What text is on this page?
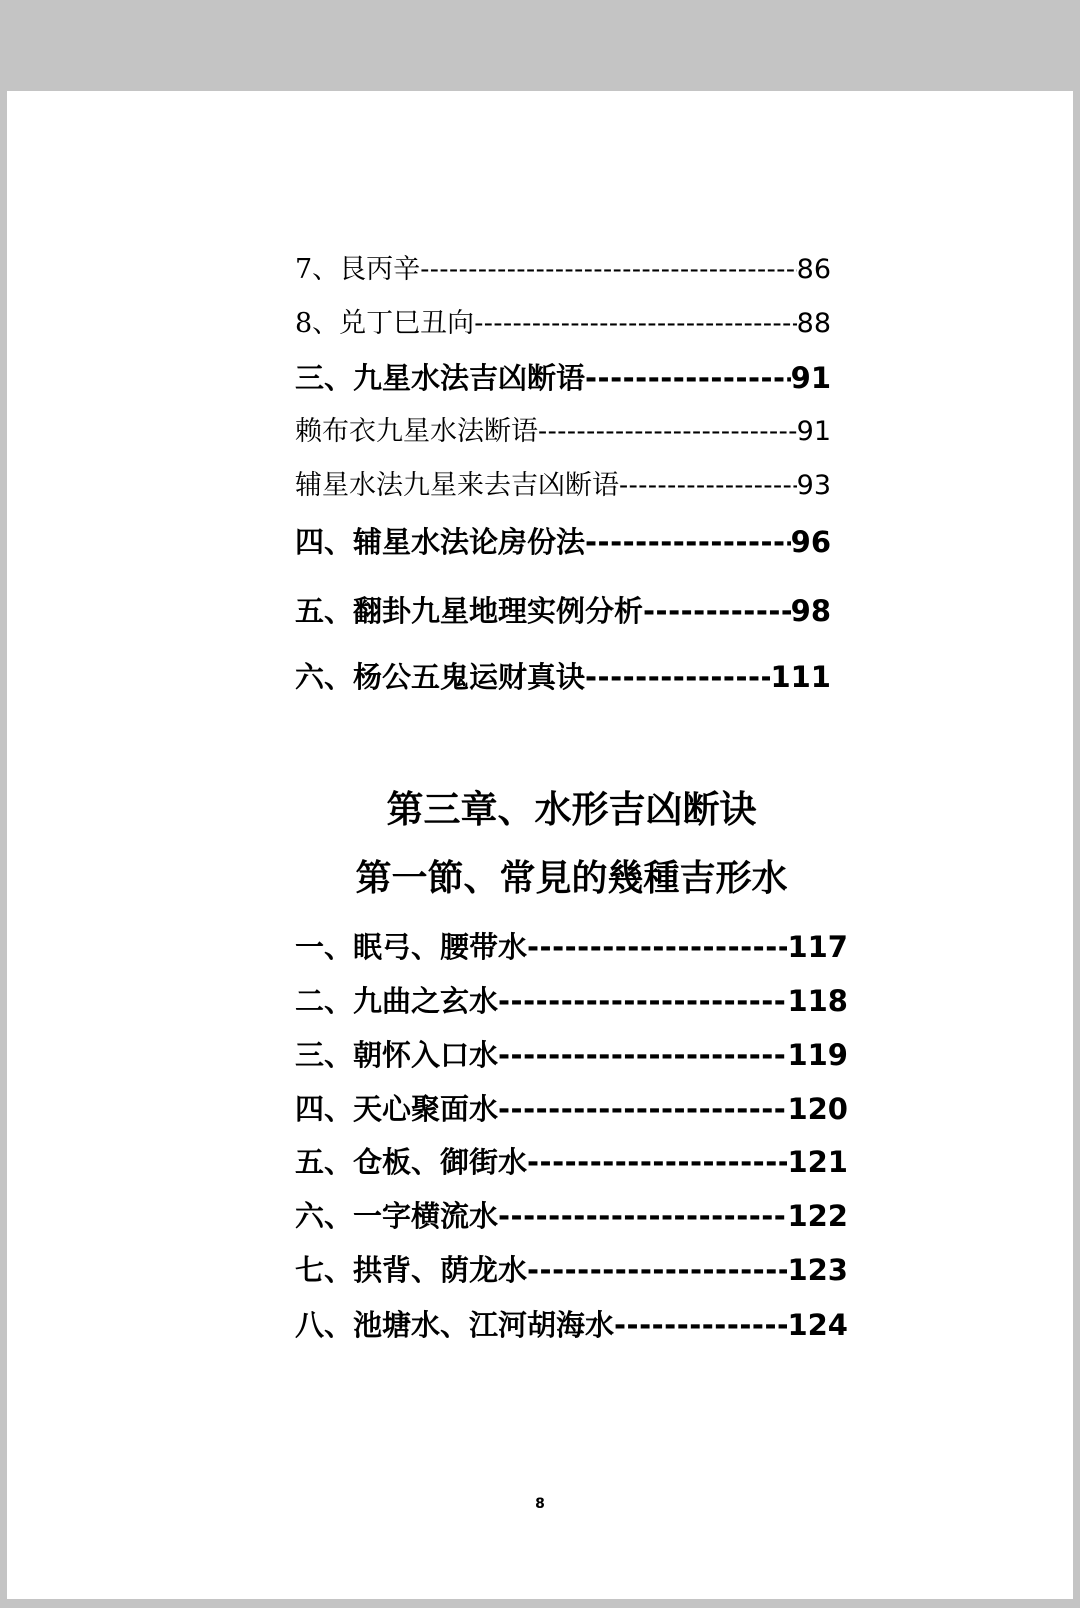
7、艮丙辛 -----	86
8、兑丁巳丑向 -----	88
三、九星水法吉凶断语 -----	91
赖布衣九星水法断语 -----	91
辅星水法九星来去吉凶断语 -----	93
四、辅星水法论房份法 -----	96
五、翻卦九星地理实例分析 -----	98
六、杨公五鬼运财真诀 -----	111
第三章、水形吉凶断诀
第一節、常見的幾種吉形水
一、眠弓、腰带水 -----	117
二、九曲之玄水 -----	118
三、朝怀入口水 -----	119
四、天心聚面水 -----	120
五、仓板、御街水 -----	121
六、一字横流水 -----	122
七、拱背、荫龙水 -----	123
八、池塘水、江河胡海水 -----	124
8
